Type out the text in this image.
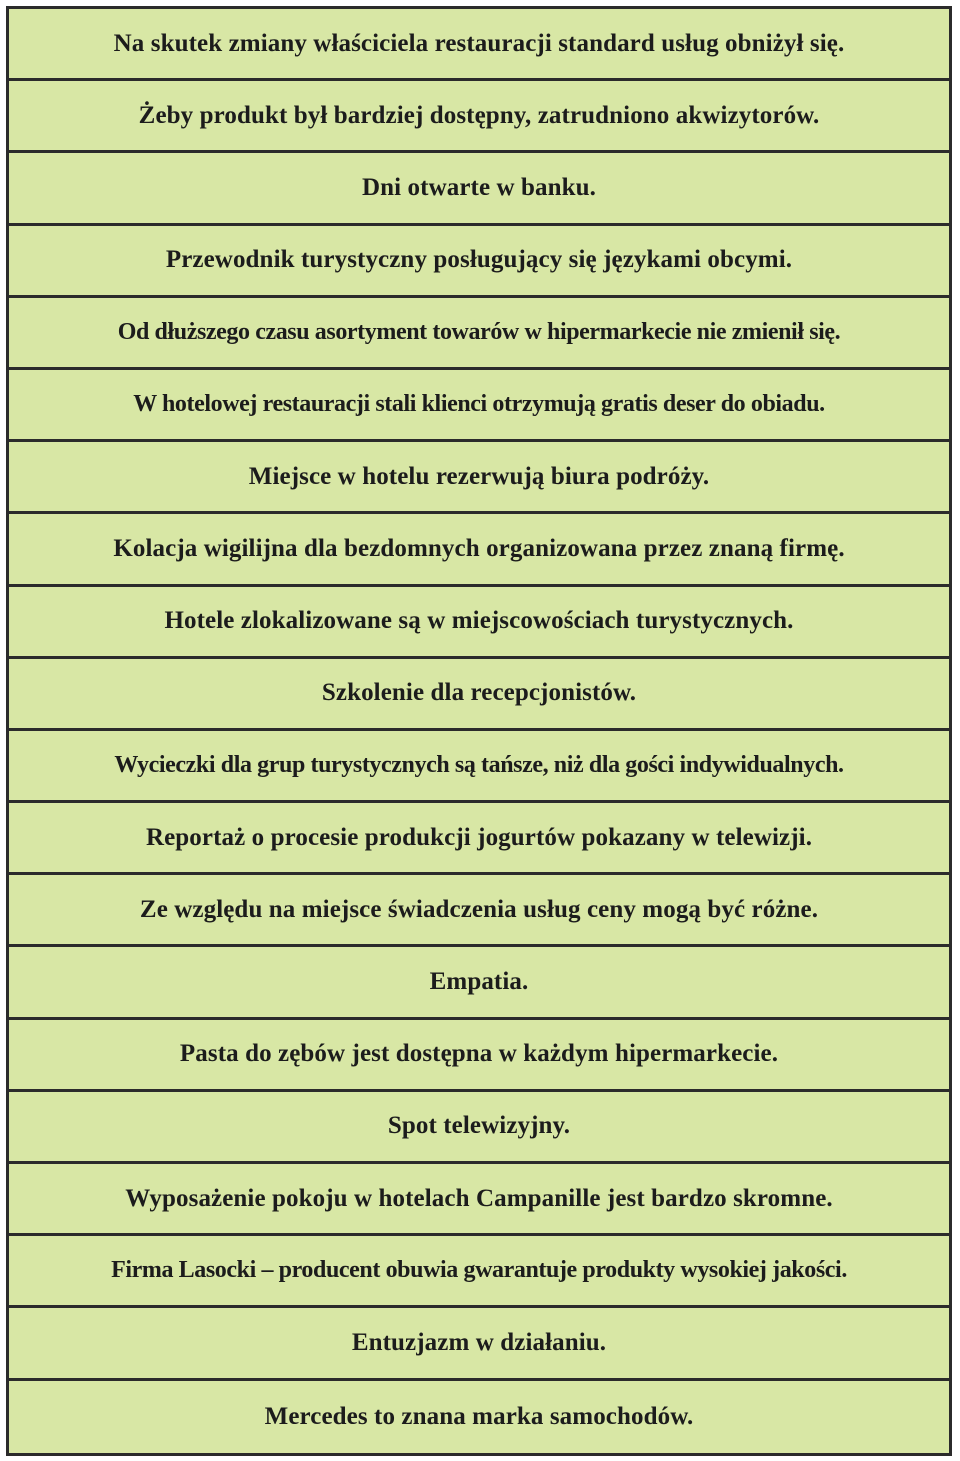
Na skutek zmiany właściciela restauracji standard usług obniżył się.
Żeby produkt był bardziej dostępny, zatrudniono akwizytorów.
Dni otwarte w banku.
Przewodnik turystyczny posługujący się językami obcymi.
Od dłuższego czasu asortyment towarów w hipermarkecie nie zmienił się.
W hotelowej restauracji stali klienci otrzymują gratis deser do obiadu.
Miejsce w hotelu rezerwują biura podróży.
Kolacja wigilijna dla bezdomnych organizowana przez znaną firmę.
Hotele zlokalizowane są w miejscowościach turystycznych.
Szkolenie dla recepcjonistów.
Wycieczki dla grup turystycznych są tańsze, niż dla gości indywidualnych.
Reportaż o procesie produkcji jogurtów pokazany w telewizji.
Ze względu na miejsce świadczenia usług ceny mogą być różne.
Empatia.
Pasta do zębów jest dostępna w każdym hipermarkecie.
Spot telewizyjny.
Wyposażenie pokoju w hotelach Campanille jest bardzo skromne.
Firma Lasocki – producent obuwia gwarantuje produkty wysokiej jakości.
Entuzjazm w działaniu.
Mercedes to znana marka samochodów.
